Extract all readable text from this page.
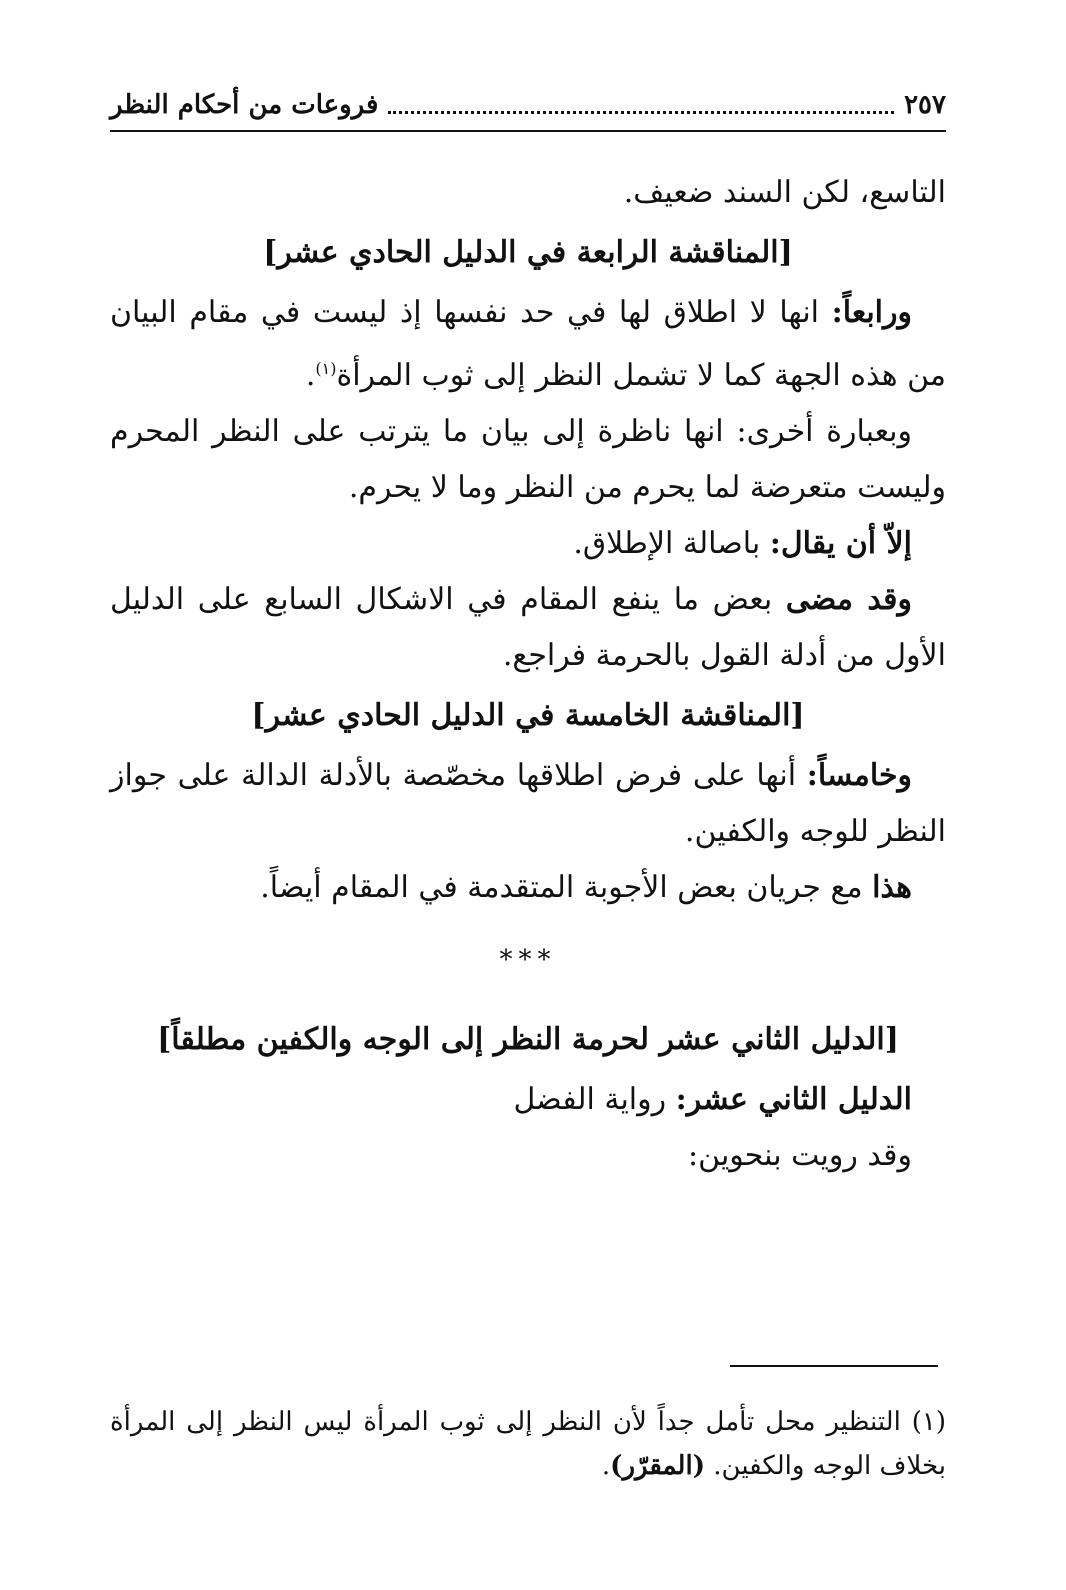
٢٥٧
فروعات من أحكام النظر

التاسع، لكن السند ضعيف.

[المناقشة الرابعة في الدليل الحادي عشر]

ورابعاً: انها لا اطلاق لها في حد نفسها إذ ليست في مقام البيان من هذه الجهة كما لا تشمل النظر إلى ثوب المرأة$^{(١)}$.

وبعبارة أخرى: انها ناظرة إلى بيان ما يترتب على النظر المحرم وليست متعرضة لما يحرم من النظر وما لا يحرم.

إلاّ أن يقال: باصالة الإطلاق.

وقد مضى بعض ما ينفع المقام في الاشكال السابع على الدليل الأول من أدلة القول بالحرمة فراجع.

[المناقشة الخامسة في الدليل الحادي عشر]

وخامساً: أنها على فرض اطلاقها مخصّصة بالأدلة الدالة على جواز النظر للوجه والكفين.

هذا مع جريان بعض الأجوبة المتقدمة في المقام أيضاً.

***

[الدليل الثاني عشر لحرمة النظر إلى الوجه والكفين مطلقاً]

الدليل الثاني عشر: رواية الفضل

وقد رويت بنحوين:

(١) التنظير محل تأمل جداً لأن النظر إلى ثوب المرأة ليس النظر إلى المرأة بخلاف الوجه والكفين. (المقرّر).
